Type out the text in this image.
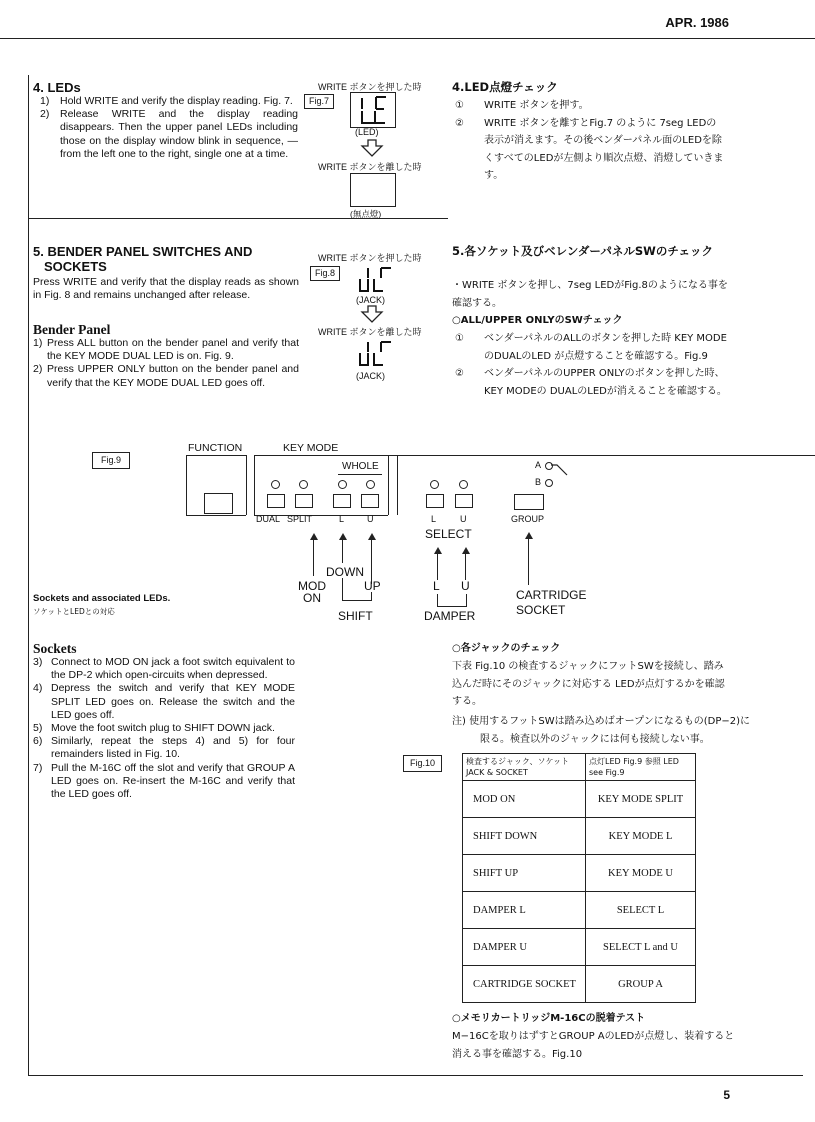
APR. 1986
4. LEDs
1) Hold WRITE and verify the display reading. Fig. 7.
2) Release WRITE and the display reading disappears. Then the upper panel LEDs including those on the display window blink in sequence, — from the left one to the right, single one at a time.
WRITE ボタンを押した時
Fig.7
(LED)
WRITE ボタンを離した時
(無点燈)
4.LED点燈チェック
① WRITE ボタンを押す。
② WRITE ボタンを離すとFig.7 のように 7seg LEDの表示が消えます。その後ベンダーパネル面のLEDを除くすべてのLEDが左側より順次点燈、消燈していきます。
5. BENDER PANEL SWITCHES AND
SOCKETS
Press WRITE and verify that the display reads as shown in Fig. 8 and remains unchanged after release.
Bender Panel
1) Press ALL button on the bender panel and verify that the KEY MODE DUAL LED is on. Fig. 9.
2) Press UPPER ONLY button on the bender panel and verify that the KEY MODE DUAL LED goes off.
WRITE ボタンを押した時
Fig.8
(JACK)
WRITE ボタンを離した時
(JACK)
5.各ソケット及びベレンダーパネルSWのチェック
・WRITE ボタンを押し、7seg LEDがFig.8のようになる事を確認する。
○ALL/UPPER ONLYのSWチェック
① ベンダーパネルのALLのボタンを押した時 KEY MODEのDUALのLED が点燈することを確認する。Fig.9
② ベンダーパネルのUPPER ONLYのボタンを押した時、KEY MODEの DUALのLEDが消えることを確認する。
Fig.9
FUNCTION	KEY MODE
WHOLE
DUAL SPLIT	L	U	L	U
SELECT
GROUP
A
B
DOWN
MOD
ON
UP
SHIFT
L U
DAMPER
CARTRIDGE
SOCKET
Sockets and associated LEDs.
ソケットとLEDとの対応
Sockets
3) Connect to MOD ON jack a foot switch equivalent to the DP-2 which open-circuits when depressed.
4) Depress the switch and verify that KEY MODE SPLIT LED goes on. Release the switch and the LED goes off.
5) Move the foot switch plug to SHIFT DOWN jack.
6) Similarly, repeat the steps 4) and 5) for four remainders listed in Fig. 10.
7) Pull the M-16C off the slot and verify that GROUP A LED goes on. Re-insert the M-16C and verify that the LED goes off.
○各ジャックのチェック
下表 Fig.10 の検査するジャックにフットSWを接続し、踏み込んだ時にそのジャックに対応する LEDが点灯するかを確認する。
注) 使用するフットSWは踏み込めばオープンになるもの(DP−2)に限る。検査以外のジャックには何も接続しない事。
Fig.10	検査するジャック、ソケット JACK & SOCKET	点灯LED Fig.9 参照 LED see Fig.9
MOD ON	KEY MODE SPLIT
SHIFT DOWN	KEY MODE L
SHIFT UP	KEY MODE U
DAMPER L	SELECT L
DAMPER U	SELECT L and U
CARTRIDGE SOCKET	GROUP A
○メモリカートリッジM-16Cの脱着テスト
M−16Cを取りはずすとGROUP AのLEDが点燈し、装着すると消える事を確認する。Fig.10
5
